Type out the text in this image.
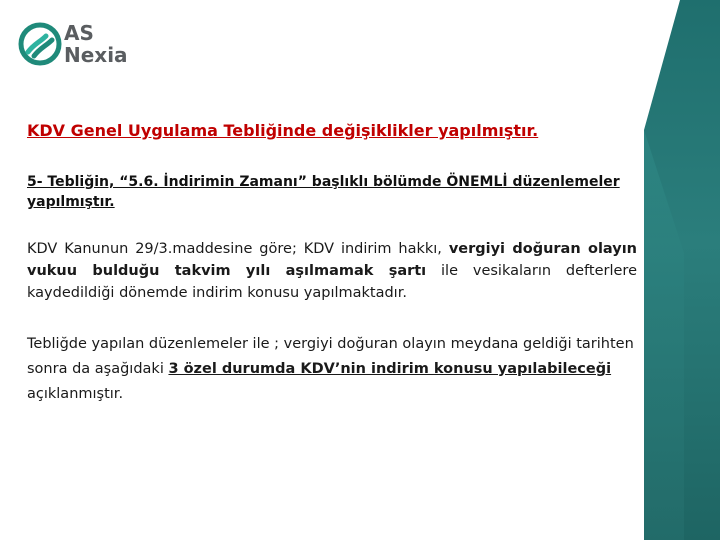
AS
Nexia

KDV Genel Uygulama Tebliğinde değişiklikler yapılmıştır.

5- Tebliğin, “5.6. İndirimin Zamanı” başlıklı bölümde ÖNEMLİ düzenlemeler yapılmıştır.

KDV Kanunun 29/3.maddesine göre; KDV indirim hakkı, vergiyi doğuran olayın vukuu bulduğu takvim yılı aşılmamak şartı ile vesikaların defterlere kaydedildiği dönemde indirim konusu yapılmaktadır.

Tebliğde yapılan düzenlemeler ile ; vergiyi doğuran olayın meydana geldiği tarihten sonra da aşağıdaki 3 özel durumda KDV’nin indirim konusu yapılabileceği açıklanmıştır.
